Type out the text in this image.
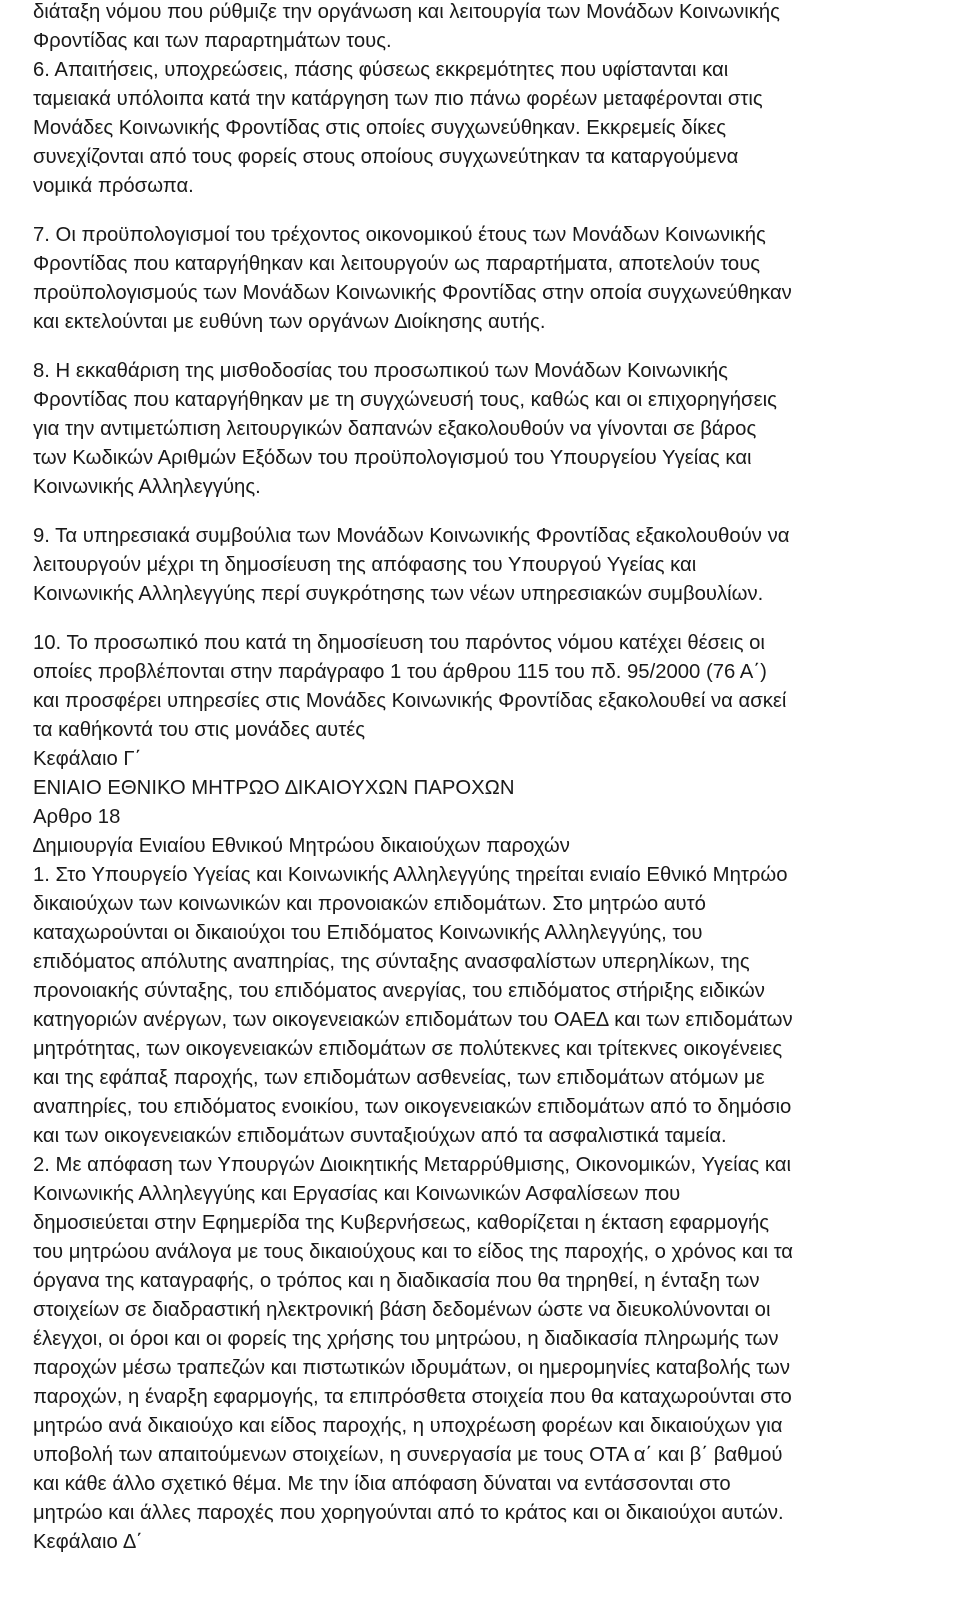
διάταξη νόμου που ρύθμιζε την οργάνωση και λειτουργία των Μονάδων Κοινωνικής
Φροντίδας και των παραρτημάτων τους.
6. Απαιτήσεις, υποχρεώσεις, πάσης φύσεως εκκρεμότητες που υφίστανται και
ταμειακά υπόλοιπα κατά την κατάργηση των πιο πάνω φορέων μεταφέρονται στις
Μονάδες Κοινωνικής Φροντίδας στις οποίες συγχωνεύθηκαν. Εκκρεμείς δίκες
συνεχίζονται από τους φορείς στους οποίους συγχωνεύτηκαν τα καταργούμενα
νομικά πρόσωπα.
7. Οι προϋπολογισμοί του τρέχοντος οικονομικού έτους των Μονάδων Κοινωνικής
Φροντίδας που καταργήθηκαν και λειτουργούν ως παραρτήματα, αποτελούν τους
προϋπολογισμούς των Μονάδων Κοινωνικής Φροντίδας στην οποία συγχωνεύθηκαν
και εκτελούνται με ευθύνη των οργάνων ∆ιοίκησης αυτής.
8. Η εκκαθάριση της μισθοδοσίας του προσωπικού των Μονάδων Κοινωνικής
Φροντίδας που καταργήθηκαν με τη συγχώνευσή τους, καθώς και οι επιχορηγήσεις
για την αντιμετώπιση λειτουργικών δαπανών εξακολουθούν να γίνονται σε βάρος
των Κωδικών Αριθμών Εξόδων του προϋπολογισμού του Υπουργείου Υγείας και
Κοινωνικής Αλληλεγγύης.
9. Τα υπηρεσιακά συμβούλια των Μονάδων Κοινωνικής Φροντίδας εξακολουθούν να
λειτουργούν μέχρι τη δημοσίευση της απόφασης του Υπουργού Υγείας και
Κοινωνικής Αλληλεγγύης περί συγκρότησης των νέων υπηρεσιακών συμβουλίων.
10. Το προσωπικό που κατά τη δημοσίευση του παρόντος νόμου κατέχει θέσεις οι
οποίες προβλέπονται στην παράγραφο 1 του άρθρου 115 του πδ. 95/2000 (76 Α΄)
και προσφέρει υπηρεσίες στις Μονάδες Κοινωνικής Φροντίδας εξακολουθεί να ασκεί
τα καθήκοντά του στις μονάδες αυτές
Κεφάλαιο Γ΄
ΕΝΙΑΙΟ ΕΘΝΙΚΟ ΜΗΤΡΩΟ ∆ΙΚΑΙΟΥΧΩΝ ΠΑΡΟΧΩΝ
Αρθρο 18
∆ημιουργία Ενιαίου Εθνικού Μητρώου δικαιούχων παροχών
1. Στο Υπουργείο Υγείας και Κοινωνικής Αλληλεγγύης τηρείται ενιαίο Εθνικό Μητρώο
δικαιούχων των κοινωνικών και προνοιακών επιδομάτων. Στο μητρώο αυτό
καταχωρούνται οι δικαιούχοι του Επιδόματος Κοινωνικής Αλληλεγγύης, του
επιδόματος απόλυτης αναπηρίας, της σύνταξης ανασφαλίστων υπερηλίκων, της
προνοιακής σύνταξης, του επιδόματος ανεργίας, του επιδόματος στήριξης ειδικών
κατηγοριών ανέργων, των οικογενειακών επιδομάτων του ΟΑΕ∆ και των επιδομάτων
μητρότητας, των οικογενειακών επιδομάτων σε πολύτεκνες και τρίτεκνες οικογένειες
και της εφάπαξ παροχής, των επιδομάτων ασθενείας, των επιδομάτων ατόμων με
αναπηρίες, του επιδόματος ενοικίου, των οικογενειακών επιδομάτων από το δημόσιο
και των οικογενειακών επιδομάτων συνταξιούχων από τα ασφαλιστικά ταμεία.
2. Με απόφαση των Υπουργών ∆ιοικητικής Μεταρρύθμισης, Οικονομικών, Υγείας και
Κοινωνικής Αλληλεγγύης και Εργασίας και Κοινωνικών Ασφαλίσεων που
δημοσιεύεται στην Εφημερίδα της Κυβερνήσεως, καθορίζεται η έκταση εφαρμογής
του μητρώου ανάλογα με τους δικαιούχους και το είδος της παροχής, ο χρόνος και τα
όργανα της καταγραφής, ο τρόπος και η διαδικασία που θα τηρηθεί, η ένταξη των
στοιχείων σε διαδραστική ηλεκτρονική βάση δεδομένων ώστε να διευκολύνονται οι
έλεγχοι, οι όροι και οι φορείς της χρήσης του μητρώου, η διαδικασία πληρωμής των
παροχών μέσω τραπεζών και πιστωτικών ιδρυμάτων, οι ημερομηνίες καταβολής των
παροχών, η έναρξη εφαρμογής, τα επιπρόσθετα στοιχεία που θα καταχωρούνται στο
μητρώο ανά δικαιούχο και είδος παροχής, η υποχρέωση φορέων και δικαιούχων για
υποβολή των απαιτούμενων στοιχείων, η συνεργασία με τους ΟΤΑ α΄ και β΄ βαθμού
και κάθε άλλο σχετικό θέμα. Με την ίδια απόφαση δύναται να εντάσσονται στο
μητρώο και άλλες παροχές που χορηγούνται από το κράτος και οι δικαιούχοι αυτών.
Κεφάλαιο ∆΄
